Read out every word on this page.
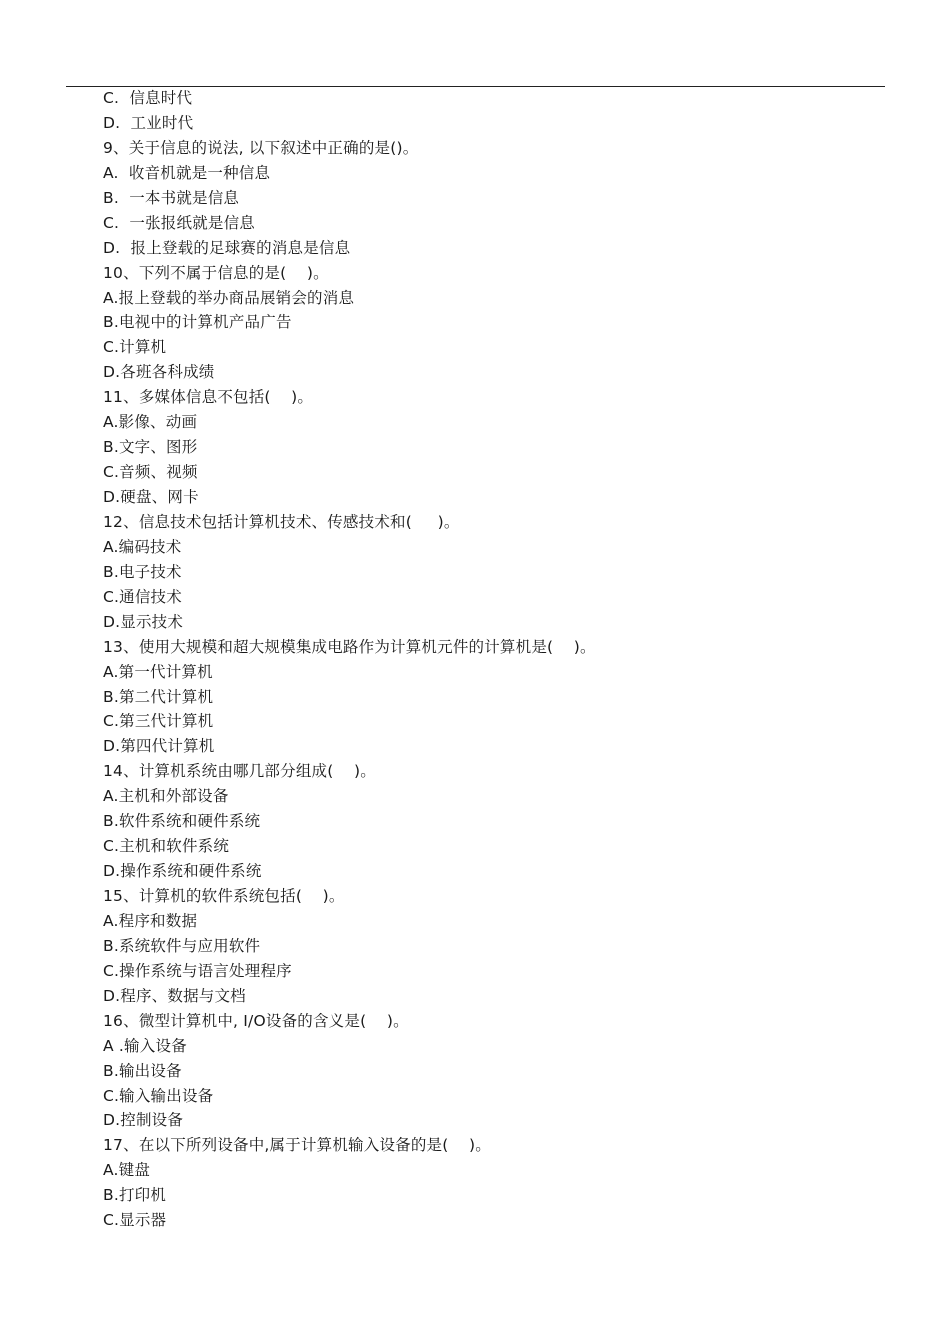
C.  信息时代
D.  工业时代
9、关于信息的说法, 以下叙述中正确的是()。
A.  收音机就是一种信息
B.  一本书就是信息
C.  一张报纸就是信息
D.  报上登载的足球赛的消息是信息
10、下列不属于信息的是(    )。
A.报上登载的举办商品展销会的消息
B.电视中的计算机产品广告
C.计算机
D.各班各科成绩
11、多媒体信息不包括(    )。
A.影像、动画
B.文字、图形
C.音频、视频
D.硬盘、网卡
12、信息技术包括计算机技术、传感技术和(     )。
A.编码技术
B.电子技术
C.通信技术
D.显示技术
13、使用大规模和超大规模集成电路作为计算机元件的计算机是(    )。
A.第一代计算机
B.第二代计算机
C.第三代计算机
D.第四代计算机
14、计算机系统由哪几部分组成(    )。
A.主机和外部设备
B.软件系统和硬件系统
C.主机和软件系统
D.操作系统和硬件系统
15、计算机的软件系统包括(    )。
A.程序和数据
B.系统软件与应用软件
C.操作系统与语言处理程序
D.程序、数据与文档
16、微型计算机中, I/O设备的含义是(    )。
A .输入设备
B.输出设备
C.输入输出设备
D.控制设备
17、在以下所列设备中,属于计算机输入设备的是(    )。
A.键盘
B.打印机
C.显示器
